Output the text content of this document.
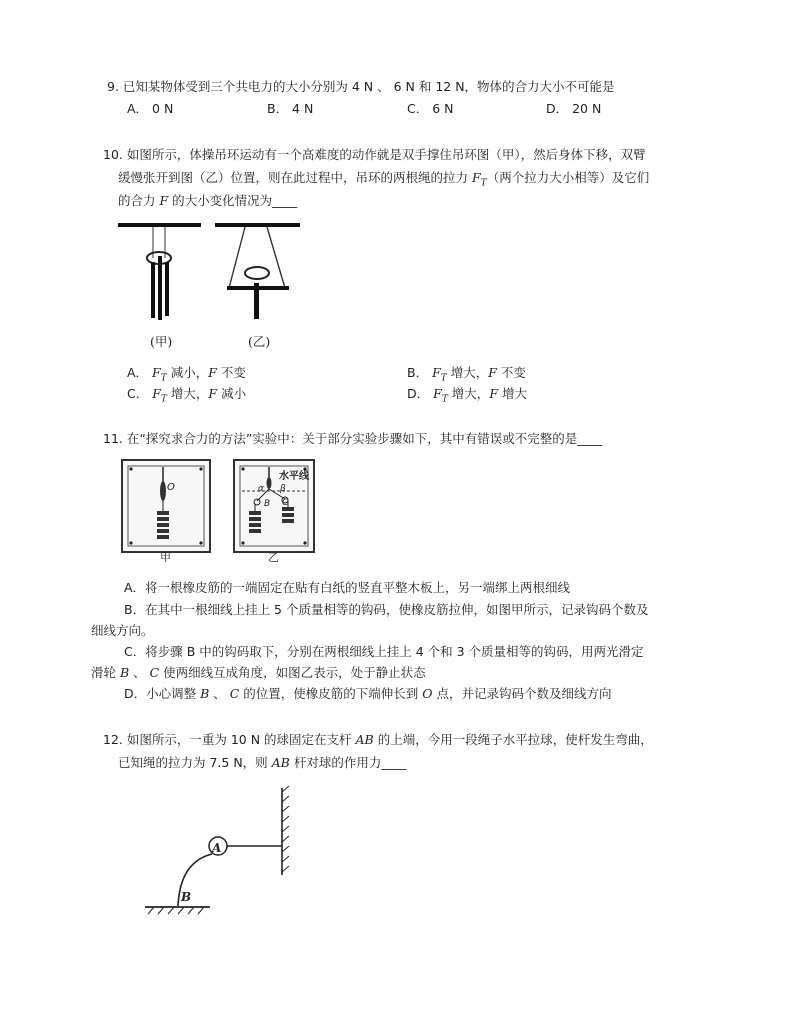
9. 已知某物体受到三个共电力的大小分别为 4 N 、 6 N 和 12 N，物体的合力大小不可能是
A． 0 N	B． 4 N	C． 6 N	D． 20 N
10. 如图所示，体操吊环运动有一个高难度的动作就是双手撑住吊环图（甲），然后身体下移，双臂
缓慢张开到图（乙）位置，则在此过程中，吊环的两根绳的拉力 $F_T$（两个拉力大小相等）及它们
的合力 F 的大小变化情况为____
(甲)	(乙)
A． $F_T$ 减小，F 不变	B． $F_T$ 增大，F 不变
C． $F_T$ 增大，F 减小	D． $F_T$ 增大，F 增大
11. 在“探究求合力的方法”实验中：关于部分实验步骤如下，其中有错误或不完整的是____
O
水平线
α β
B C
甲	乙
A．将一根橡皮筋的一端固定在贴有白纸的竖直平整木板上，另一端绑上两根细线
B．在其中一根细线上挂上 5 个质量相等的钩码，使橡皮筋拉伸，如图甲所示，记录钩码个数及
细线方向。
C．将步骤 B 中的钩码取下，分别在两根细线上挂上 4 个和 3 个质量相等的钩码，用两光滑定
滑轮 B 、 C 使两细线互成角度，如图乙表示，处于静止状态
D．小心调整 B 、 C 的位置，使橡皮筋的下端伸长到 O 点，并记录钩码个数及细线方向
12. 如图所示，一重为 10 N 的球固定在支杆 AB 的上端，今用一段绳子水平拉球，使杆发生弯曲，
已知绳的拉力为 7.5 N，则 AB 杆对球的作用力____
A
B
